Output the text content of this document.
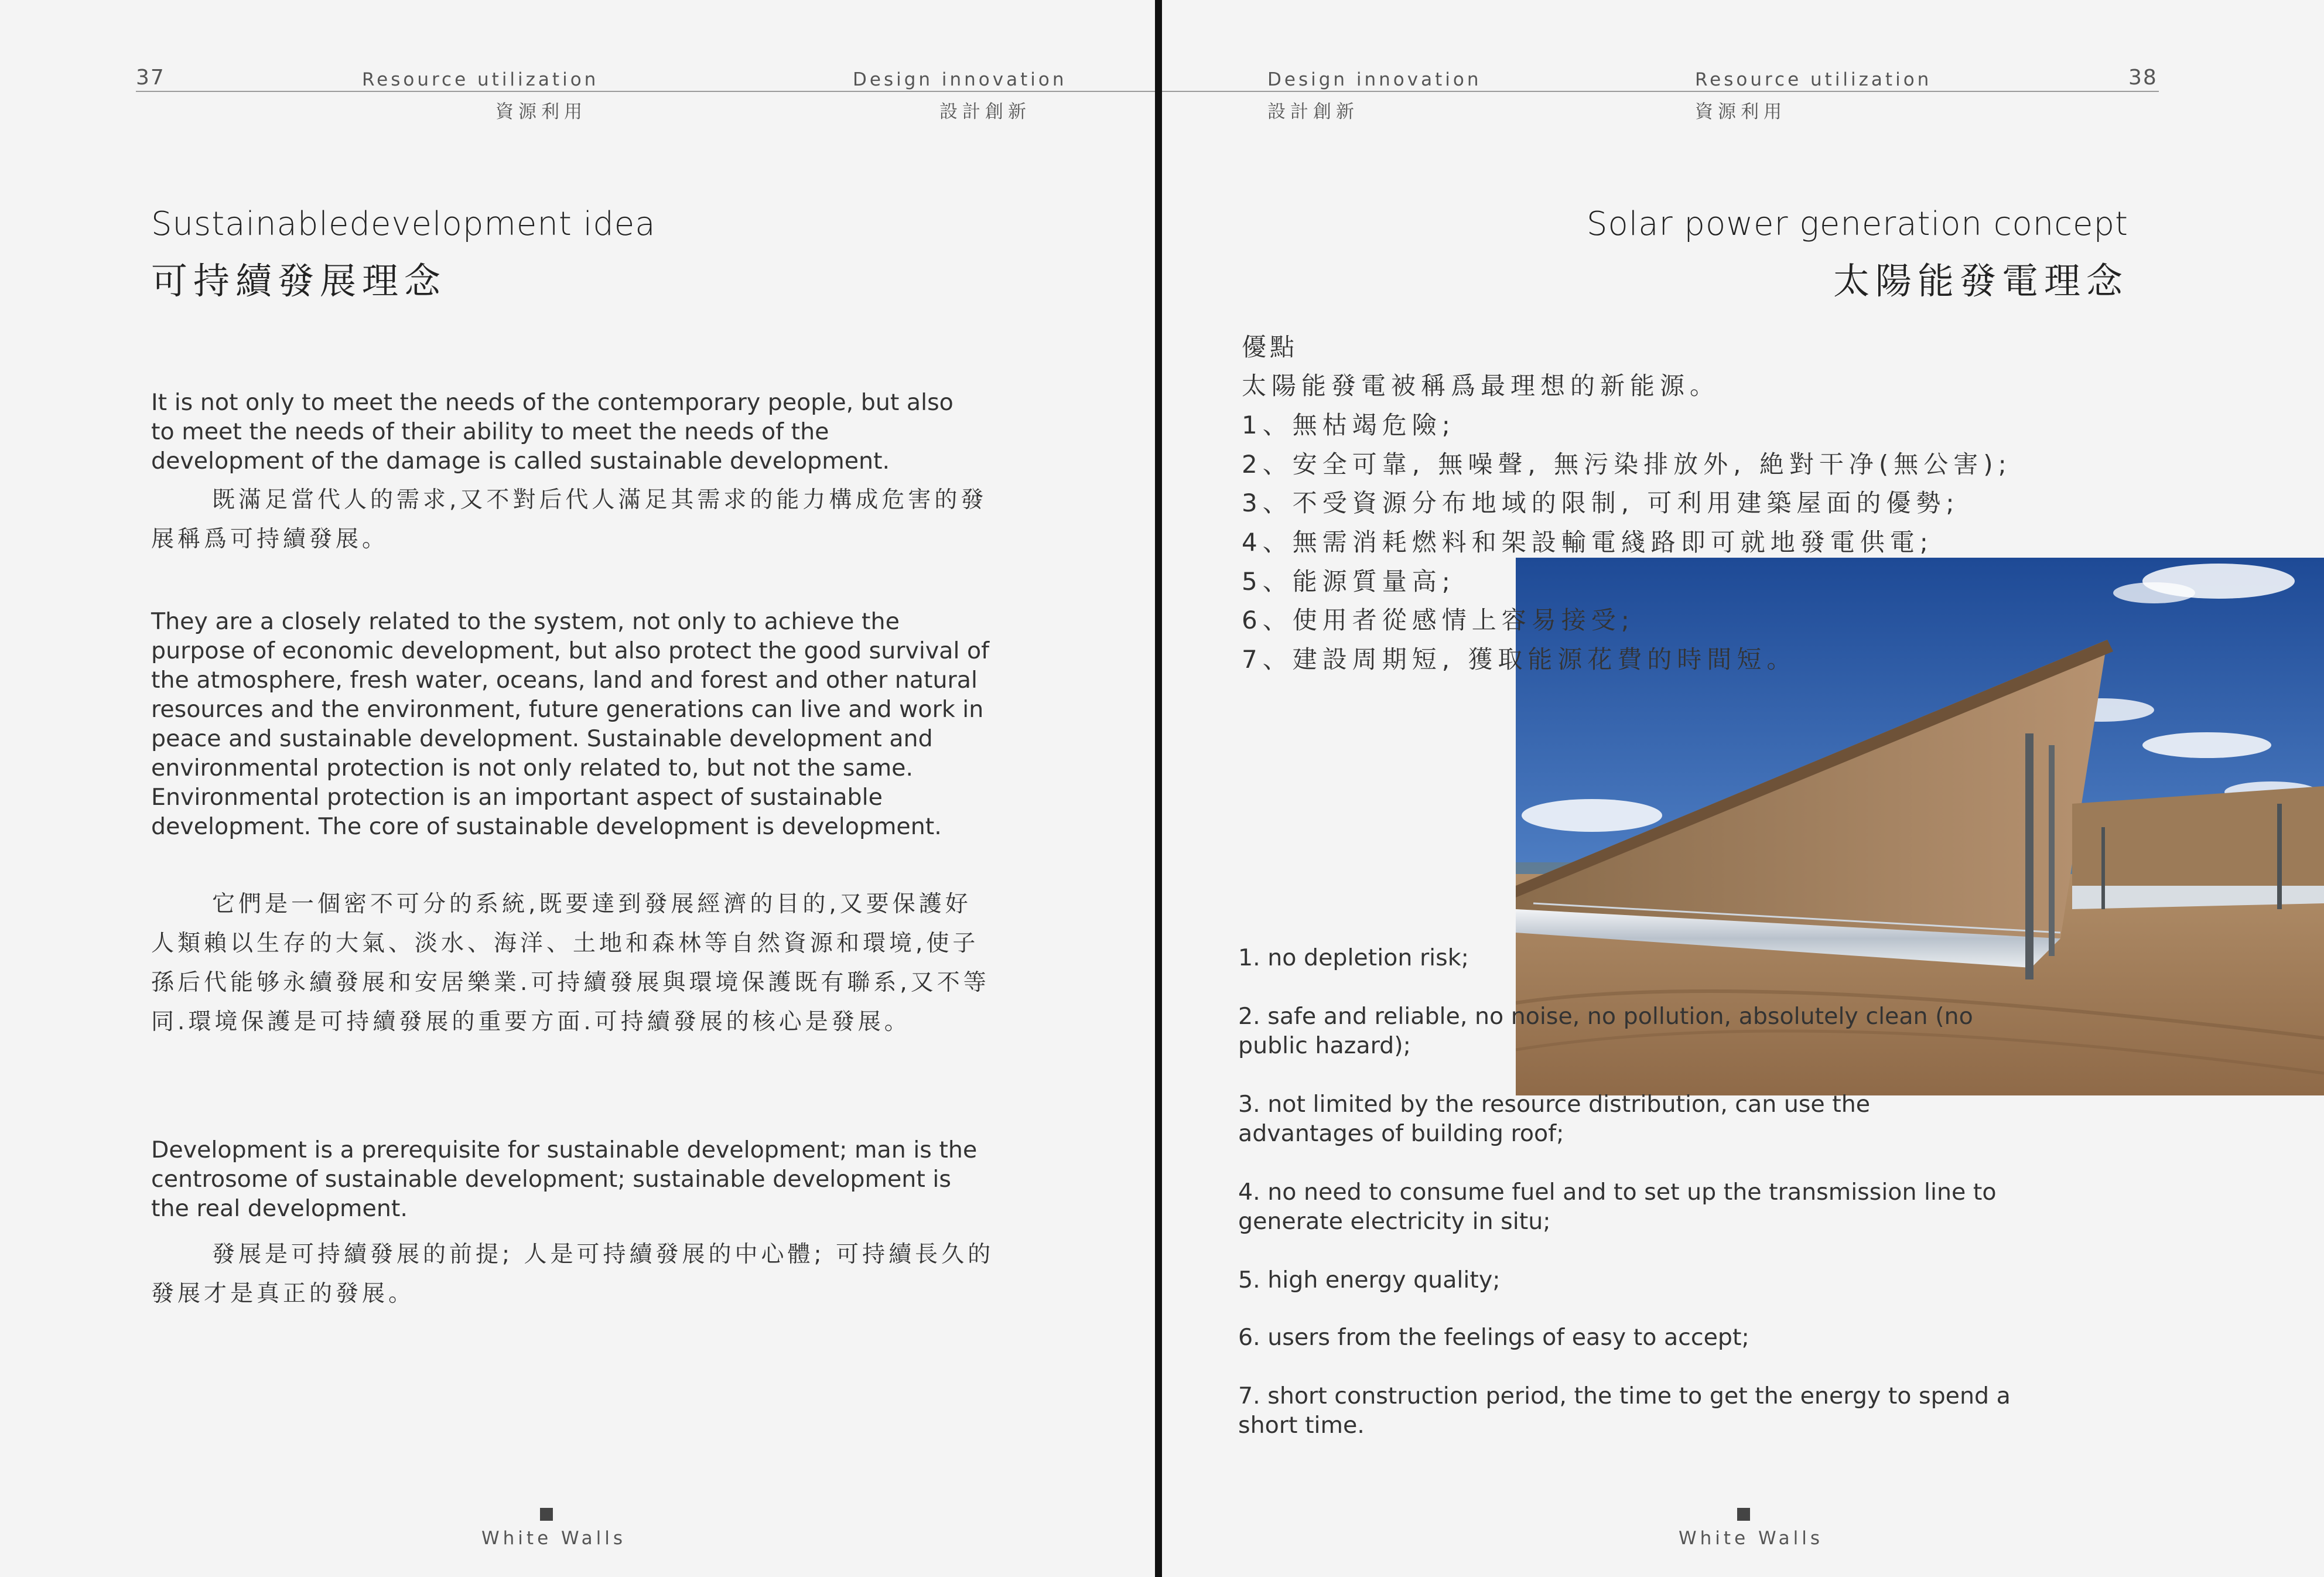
37	Resource utilization
資源利用
Design innovation
設計創新
Sustainabledevelopment idea
可持續發展理念
It is not only to meet the needs of the contemporary people, but also to meet the needs of their ability to meet the needs of the development of the damage is called sustainable development.
既滿足當代人的需求,又不對后代人滿足其需求的能力構成危害的發展稱爲可持續發展。
They are a closely related to the system, not only to achieve the purpose of economic development, but also protect the good survival of the atmosphere, fresh water, oceans, land and forest and other natural resources and the environment, future generations can live and work in peace and sustainable development. Sustainable development and environmental protection is not only related to, but not the same. Environmental protection is an important aspect of sustainable development. The core of sustainable development is development.
它們是一個密不可分的系統,既要達到發展經濟的目的,又要保護好人類賴以生存的大氣、淡水、海洋、土地和森林等自然資源和環境,使子孫后代能够永續發展和安居樂業.可持續發展與環境保護既有聯系,又不等同.環境保護是可持續發展的重要方面.可持續發展的核心是發展。
Development is a prerequisite for sustainable development; man is the centrosome of sustainable development; sustainable development is the real development.
發展是可持續發展的前提; 人是可持續發展的中心體; 可持續長久的發展才是真正的發展。
White Walls
Design innovation
設計創新
Resource utilization
資源利用
38
Solar power generation concept
太陽能發電理念
優點
太陽能發電被稱爲最理想的新能源。
1、無枯竭危險;
2、安全可靠, 無噪聲, 無污染排放外, 絶對干净(無公害);
3、不受資源分布地域的限制, 可利用建築屋面的優勢;
4、無需消耗燃料和架設輸電綫路即可就地發電供電;
5、能源質量高;
6、使用者從感情上容易接受;
7、建設周期短, 獲取能源花費的時間短。
1. no depletion risk;
2. safe and reliable, no noise, no pollution, absolutely clean (no public hazard);
3. not limited by the resource distribution, can use the advantages of building roof;
4. no need to consume fuel and to set up the transmission line to generate electricity in situ;
5. high energy quality;
6. users from the feelings of easy to accept;
7. short construction period, the time to get the energy to spend a short time.
White Walls
